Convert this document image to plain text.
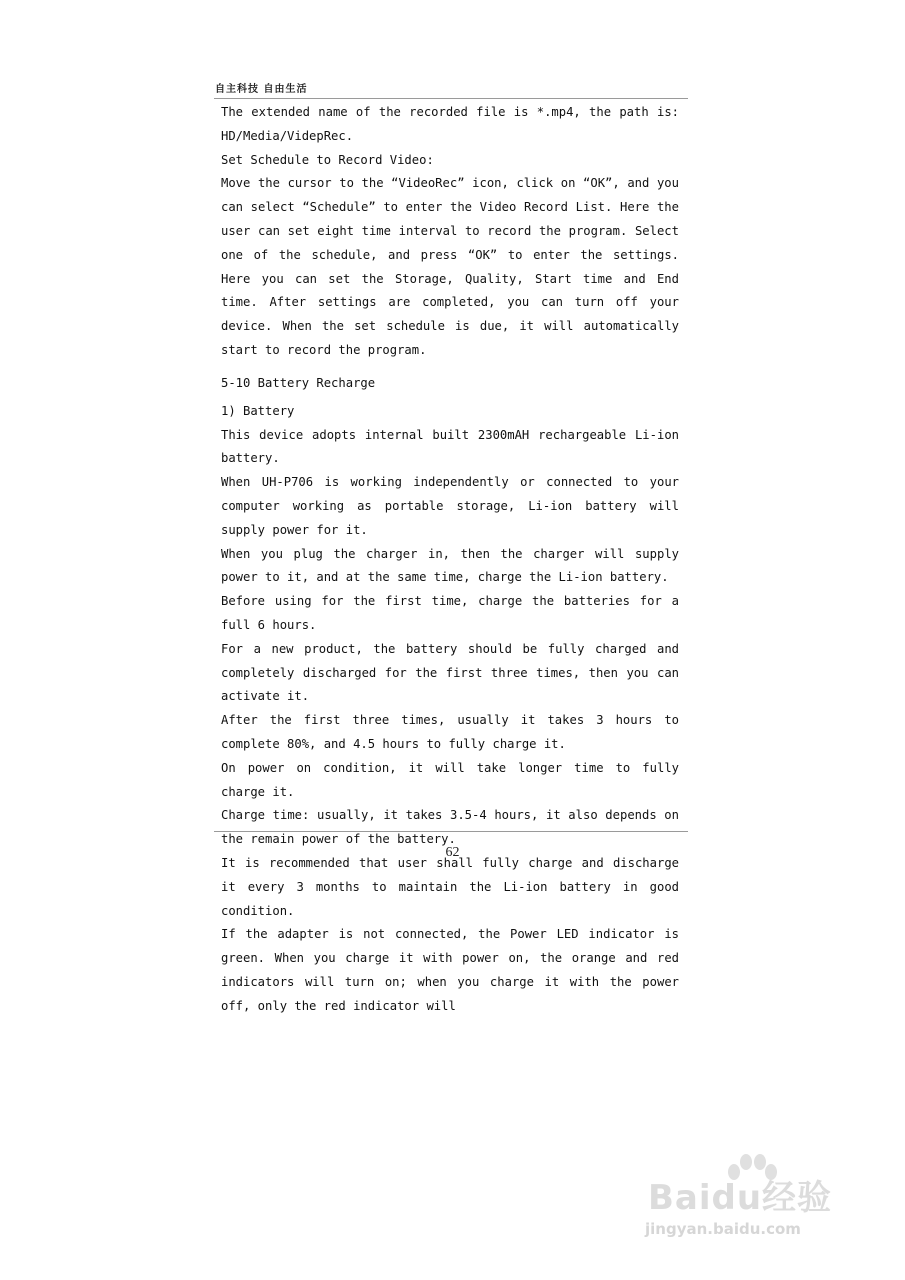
自主科技 自由生活

The extended name of the recorded file is *.mp4, the path is: HD/Media/VidepRec.

Set Schedule to Record Video:

Move the cursor to the “VideoRec” icon, click on “OK”, and you can select “Schedule” to enter the Video Record List. Here the user can set eight time interval to record the program. Select one of the schedule, and press “OK” to enter the settings. Here you can set the Storage, Quality, Start time and End time. After settings are completed, you can turn off your device. When the set schedule is due, it will automatically start to record the program.

5-10 Battery Recharge

1) Battery

This device adopts internal built 2300mAH rechargeable Li-ion battery.

When UH-P706 is working independently or connected to your computer working as portable storage, Li-ion battery will supply power for it.

When you plug the charger in, then the charger will supply power to it, and at the same time, charge the Li-ion battery.

Before using for the first time, charge the batteries for a full 6 hours.

For a new product, the battery should be fully charged and completely discharged for the first three times, then you can activate it.

After the first three times, usually it takes 3 hours to complete 80%, and 4.5 hours to fully charge it.

On power on condition, it will take longer time to fully charge it.

Charge time: usually, it takes 3.5-4 hours, it also depends on the remain power of the battery.

It is recommended that user shall fully charge and discharge it every 3 months to maintain the Li-ion battery in good condition.

If the adapter is not connected, the Power LED indicator is green. When you charge it with power on, the orange and red indicators will turn on; when you charge it with the power off, only the red indicator will

62
Baidu经验
jingyan.baidu.com
